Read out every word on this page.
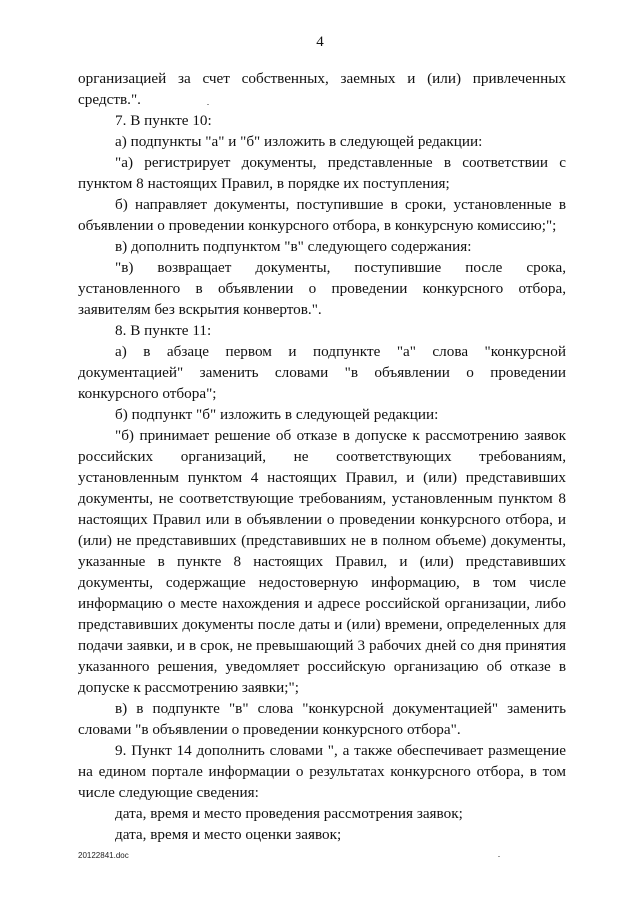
4

организацией за счет собственных, заемных и (или) привлеченных средств.".

7. В пункте 10:

а) подпункты "а" и "б" изложить в следующей редакции:

"а) регистрирует документы, представленные в соответствии с пунктом 8 настоящих Правил, в порядке их поступления;

б) направляет документы, поступившие в сроки, установленные в объявлении о проведении конкурсного отбора, в конкурсную комиссию;";

в) дополнить подпунктом "в" следующего содержания:

"в) возвращает документы, поступившие после срока, установленного в объявлении о проведении конкурсного отбора, заявителям без вскрытия конвертов.".

8. В пункте 11:

а) в абзаце первом и подпункте "а" слова "конкурсной документацией" заменить словами "в объявлении о проведении конкурсного отбора";

б) подпункт "б" изложить в следующей редакции:

"б) принимает решение об отказе в допуске к рассмотрению заявок российских организаций, не соответствующих требованиям, установленным пунктом 4 настоящих Правил, и (или) представивших документы, не соответствующие требованиям, установленным пунктом 8 настоящих Правил или в объявлении о проведении конкурсного отбора, и (или) не представивших (представивших не в полном объеме) документы, указанные в пункте 8 настоящих Правил, и (или) представивших документы, содержащие недостоверную информацию, в том числе информацию о месте нахождения и адресе российской организации, либо представивших документы после даты и (или) времени, определенных для подачи заявки, и в срок, не превышающий 3 рабочих дней со дня принятия указанного решения, уведомляет российскую организацию об отказе в допуске к рассмотрению заявки;";

в) в подпункте "в" слова "конкурсной документацией" заменить словами "в объявлении о проведении конкурсного отбора".

9. Пункт 14 дополнить словами ", а также обеспечивает размещение на едином портале информации о результатах конкурсного отбора, в том числе следующие сведения:

дата, время и место проведения рассмотрения заявок;

дата, время и место оценки заявок;

20122841.doc
